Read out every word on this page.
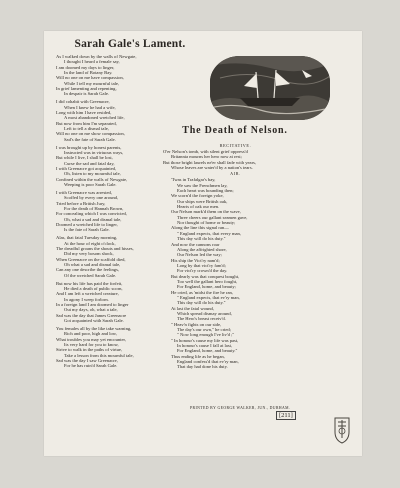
Sarah Gale's Lament.
As I walked down by the walls of Newgate,
I thought I heard a female say,
I am doomed my days to linger,
In the land of Botany Bay.
Will no one on me have compassion,
While I tell my mournful tale,
In grief lamenting and repenting,
In despair is Sarah Gale.
I did cohabit with Greenacre,
When I knew he had a wife,
Long with him I have resided,
A most abandoned wretched life,
But now from him I'm separated,
Left to tell a dismal tale,
Will no one on me show compassion,
Sad's the fate of Sarah Gale.
I was brought up by honest parents,
Instructed was in virtuous ways,
But while I live, I shall be lost,
Curse the sad and fatal day,
I with Greenacre got acquainted,
Oh, listen to my mournful tale,
Confined within the walls of Newgate,
Weeping is poor Sarah Gale.
I with Greenacre was arrested,
Scoffed by every one around,
Tried before a British Jury,
For the death of Hannah Brown,
For concealing which I was convicted,
Oh, what a sad and dismal tale,
Doomed a wretched life to linger,
Is the fate of Sarah Gale.
Alas, that fatal Tuesday morning,
At the hour of eight o'clock,
The dreadful groans the shouts and hisses,
Did my very bosom shock,
When Greenacre on the scaffold died,
Oh what a sad and dismal tale,
Can any one describe the feelings,
Of the wretched Sarah Gale.
But now his life has paid the forfeit,
He died a death of public scorn,
And I am left a wretched creature,
In agony I weep forlorn.
In a foreign land I am doomed to linger
Out my days, oh, what a tale,
Sad was the day that James Greenacre
Got acquainted with Sarah Gale.
You females all by the like take warning,
Rich and poor, high and low,
What troubles you may yet encounter,
Its very hard for you to know,
Strive to walk in the paths of virtue,
Take a lesson from this mournful tale,
Sad was the day I saw Greenacre,
For he has ruin'd Sarah Gale.
The Death of Nelson.
RECITATIVE.
O'er Nelson's tomb, with silent grief oppress'd
Britannia mourns her hero now at rest;
But those bright laurels ne'er shall fade with years,
Whose leaves are water'd by a nation's tears.
AIR.
'Twas in Trafalgar's bay,
We saw the Frenchmen lay,
Each heart was bounding then;
We scorn'd the foreign yoke,
Our ships were British oak,
Hearts of oak our men.
Our Nelson mark'd them on the wave,
Three cheers our gallant seamen gave,
Nor thought of home or beauty;
Along the line this signal ran—
" England expects, that every man,
This day will do his duty."
And now the cannons roar
Along the affrighted shore,
Our Nelson led the way;
His ship the Vict'ry nam'd;
Long by that vict'ry fam'd;
For vict'ry crown'd the day.
But dearly was that conquest bought,
Too well the gallant hero fought,
For England, home, and beauty;
He cried, as 'midst the fire he ran,
" England expects, that ev'ry man,
This day will do his duty."
At last the fatal wound,
Which spread dismay around,
The Hero's breast receiv'd.
" Heav'n fights on our side,
The day's our own," he cried;
" Now long enough I've liv'd ;"
" In honour's cause my life was past,
In honour's cause I fall at last,
For England, home, and beauty."
Thus ending life as he began,
England confess'd that ev'ry man,
That day had done his duty.
PRINTED BY GEORGE WALKER, JUN., DURHAM.
[211]
